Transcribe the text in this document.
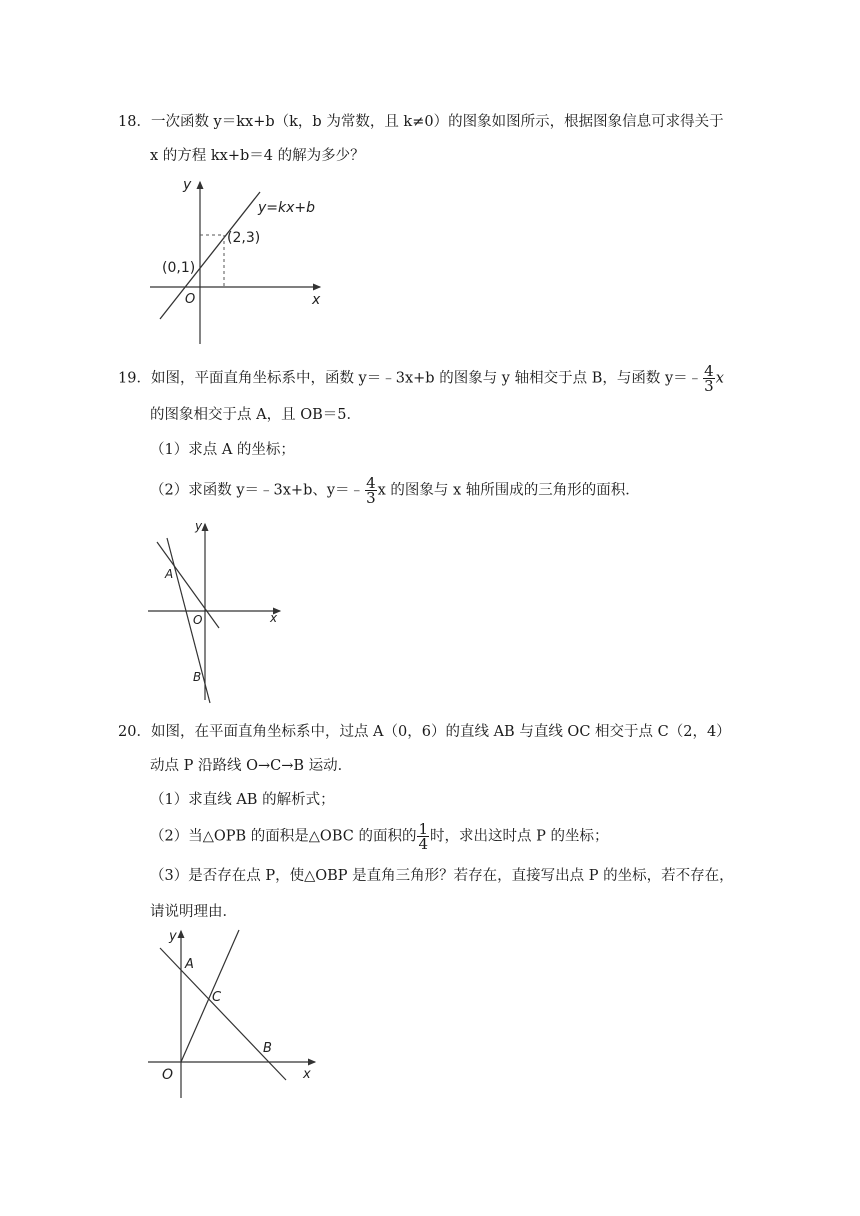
18．一次函数 y＝kx+b（k，b 为常数，且 k≠0）的图象如图所示，根据图象信息可求得关于
x 的方程 kx+b＝4 的解为多少？
y
x
O
y=kx+b
(0,1)
(2,3)
19．如图，平面直角坐标系中，函数 y＝﹣3x+b 的图象与 y 轴相交于点 B，与函数 y＝﹣ $\frac{4}{3}$ x
的图象相交于点 A，且 OB＝5．
（1）求点 A 的坐标；
（2）求函数 y＝﹣3x+b、y＝﹣ $\frac{4}{3}$ x 的图象与 x 轴所围成的三角形的面积．
y
x
O
A
B
20．如图，在平面直角坐标系中，过点 A（0，6）的直线 AB 与直线 OC 相交于点 C（2，4）
动点 P 沿路线 O→C→B 运动．
（1）求直线 AB 的解析式；
（2）当△OPB 的面积是△OBC 的面积的 $\frac{1}{4}$ 时，求出这时点 P 的坐标；
（3）是否存在点 P，使△OBP 是直角三角形？若存在，直接写出点 P 的坐标，若不存在，
请说明理由．
y
x
O
A
C
B
